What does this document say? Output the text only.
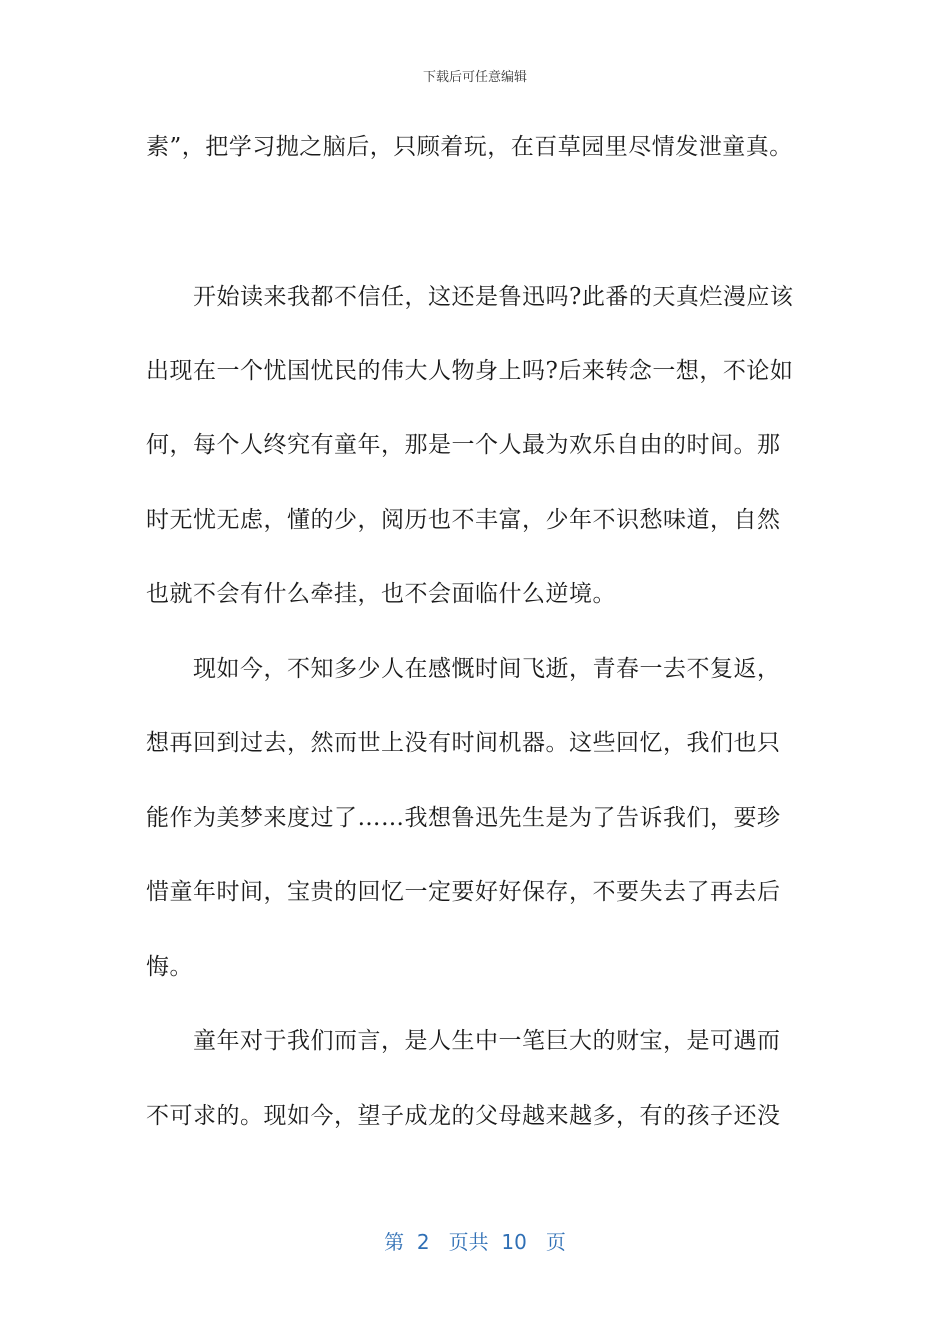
下载后可任意编辑
素”，把学习抛之脑后，只顾着玩，在百草园里尽情发泄童真。
开始读来我都不信任，这还是鲁迅吗?此番的天真烂漫应该
出现在一个忧国忧民的伟大人物身上吗?后来转念一想，不论如
何，每个人终究有童年，那是一个人最为欢乐自由的时间。那
时无忧无虑，懂的少，阅历也不丰富，少年不识愁味道，自然
也就不会有什么牵挂，也不会面临什么逆境。
现如今，不知多少人在感慨时间飞逝，青春一去不复返，
想再回到过去，然而世上没有时间机器。这些回忆，我们也只
能作为美梦来度过了……我想鲁迅先生是为了告诉我们，要珍
惜童年时间，宝贵的回忆一定要好好保存，不要失去了再去后
悔。
童年对于我们而言，是人生中一笔巨大的财宝，是可遇而
不可求的。现如今，望子成龙的父母越来越多，有的孩子还没
第  2   页共  10   页
